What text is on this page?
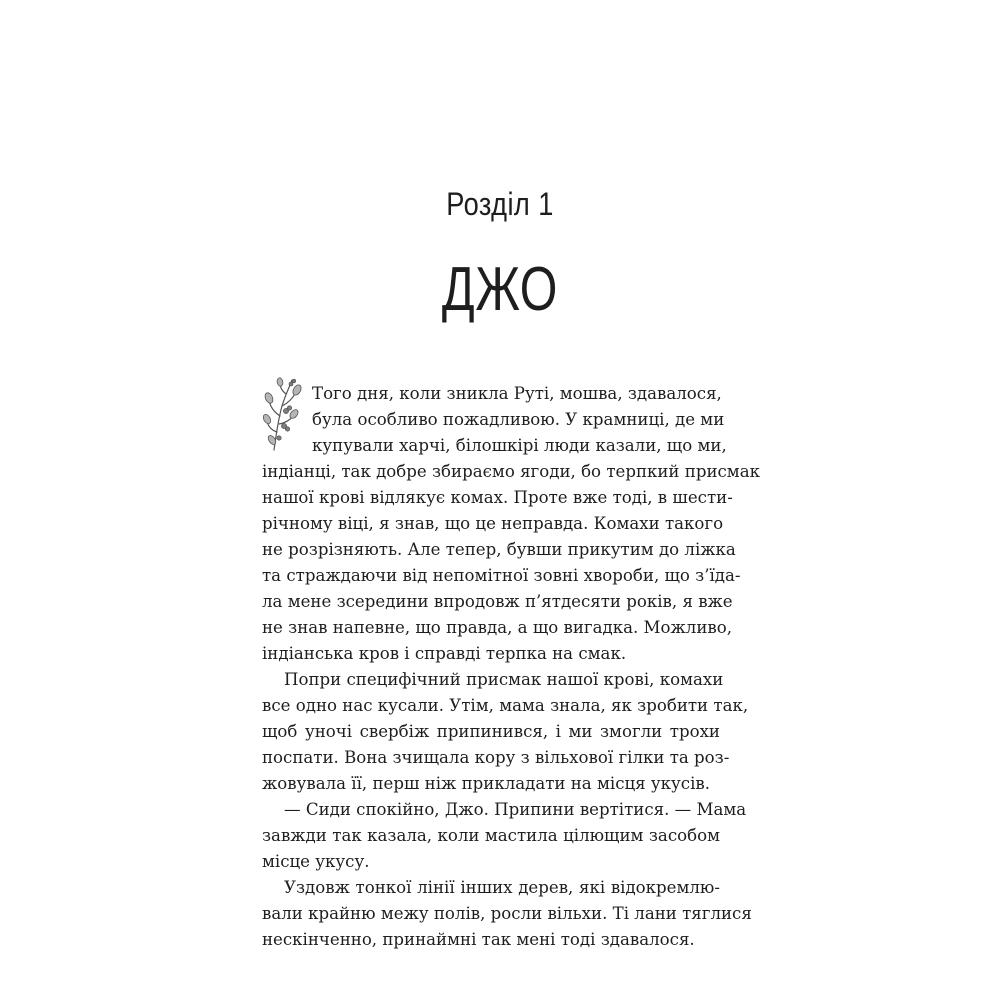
Розділ 1
ДЖО
Того дня, коли зникла Руті, мошва, здавалося,
була особливо пожадливою. У крамниці, де ми
купували харчі, білошкірі люди казали, що ми,
індіанці, так добре збираємо ягоди, бо терпкий присмак
нашої крові відлякує комах. Проте вже тоді, в шести-
річному віці, я знав, що це неправда. Комахи такого
не розрізняють. Але тепер, бувши прикутим до ліжка
та страждаючи від непомітної зовні хвороби, що з’їда-
ла мене зсередини впродовж п’ятдесяти років, я вже
не знав напевне, що правда, а що вигадка. Можливо,
індіанська кров і справді терпка на смак.
Попри специфічний присмак нашої крові, комахи
все одно нас кусали. Утім, мама знала, як зробити так,
щоб уночі свербіж припинився, і ми змогли трохи
поспати. Вона зчищала кору з вільхової гілки та роз-
жовувала її, перш ніж прикладати на місця укусів.
— Сиди спокійно, Джо. Припини вертітися. — Мама
завжди так казала, коли мастила цілющим засобом
місце укусу.
Уздовж тонкої лінії інших дерев, які відокремлю-
вали крайню межу полів, росли вільхи. Ті лани тяглися
нескінченно, принаймні так мені тоді здавалося.
